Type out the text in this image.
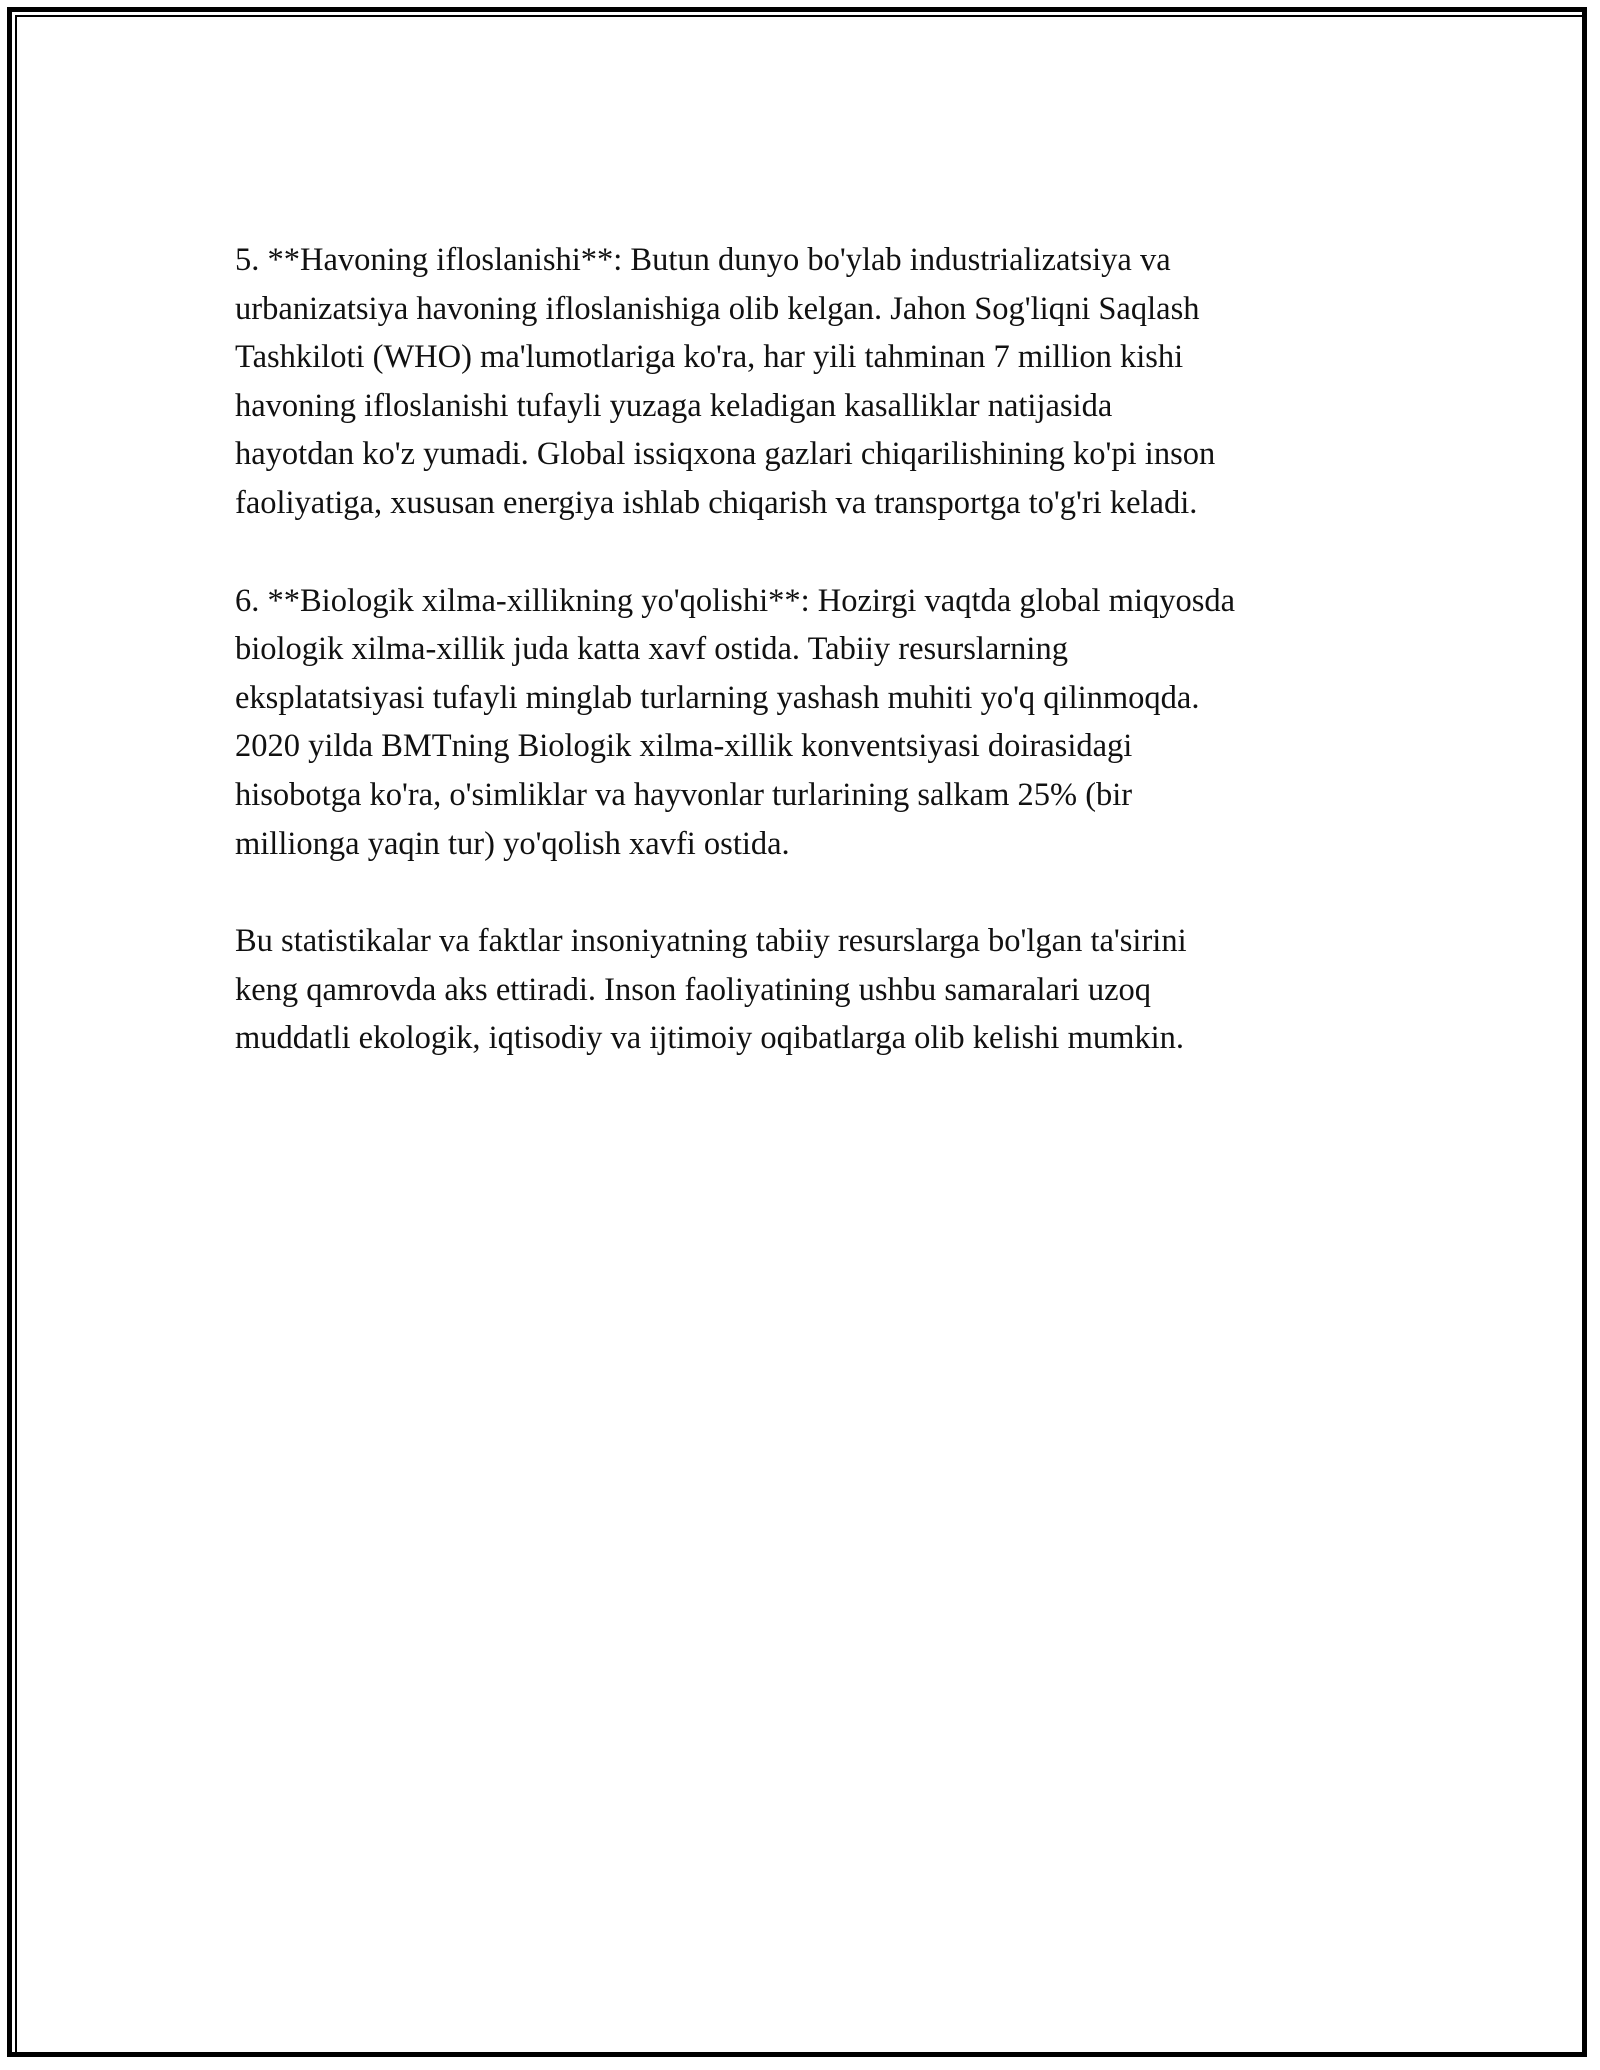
5. **Havoning ifloslanishi**: Butun dunyo bo'ylab industrializatsiya va
urbanizatsiya havoning ifloslanishiga olib kelgan. Jahon Sog'liqni Saqlash
Tashkiloti (WHO) ma'lumotlariga ko'ra, har yili tahminan 7 million kishi
havoning ifloslanishi tufayli yuzaga keladigan kasalliklar natijasida
hayotdan ko'z yumadi. Global issiqxona gazlari chiqarilishining ko'pi inson
faoliyatiga, xususan energiya ishlab chiqarish va transportga to'g'ri keladi.

6. **Biologik xilma-xillikning yo'qolishi**: Hozirgi vaqtda global miqyosda
biologik xilma-xillik juda katta xavf ostida. Tabiiy resurslarning
eksplatatsiyasi tufayli minglab turlarning yashash muhiti yo'q qilinmoqda.
2020 yilda BMTning Biologik xilma-xillik konventsiyasi doirasidagi
hisobotga ko'ra, o'simliklar va hayvonlar turlarining salkam 25% (bir
millionga yaqin tur) yo'qolish xavfi ostida.

Bu statistikalar va faktlar insoniyatning tabiiy resurslarga bo'lgan ta'sirini
keng qamrovda aks ettiradi. Inson faoliyatining ushbu samaralari uzoq
muddatli ekologik, iqtisodiy va ijtimoiy oqibatlarga olib kelishi mumkin.
